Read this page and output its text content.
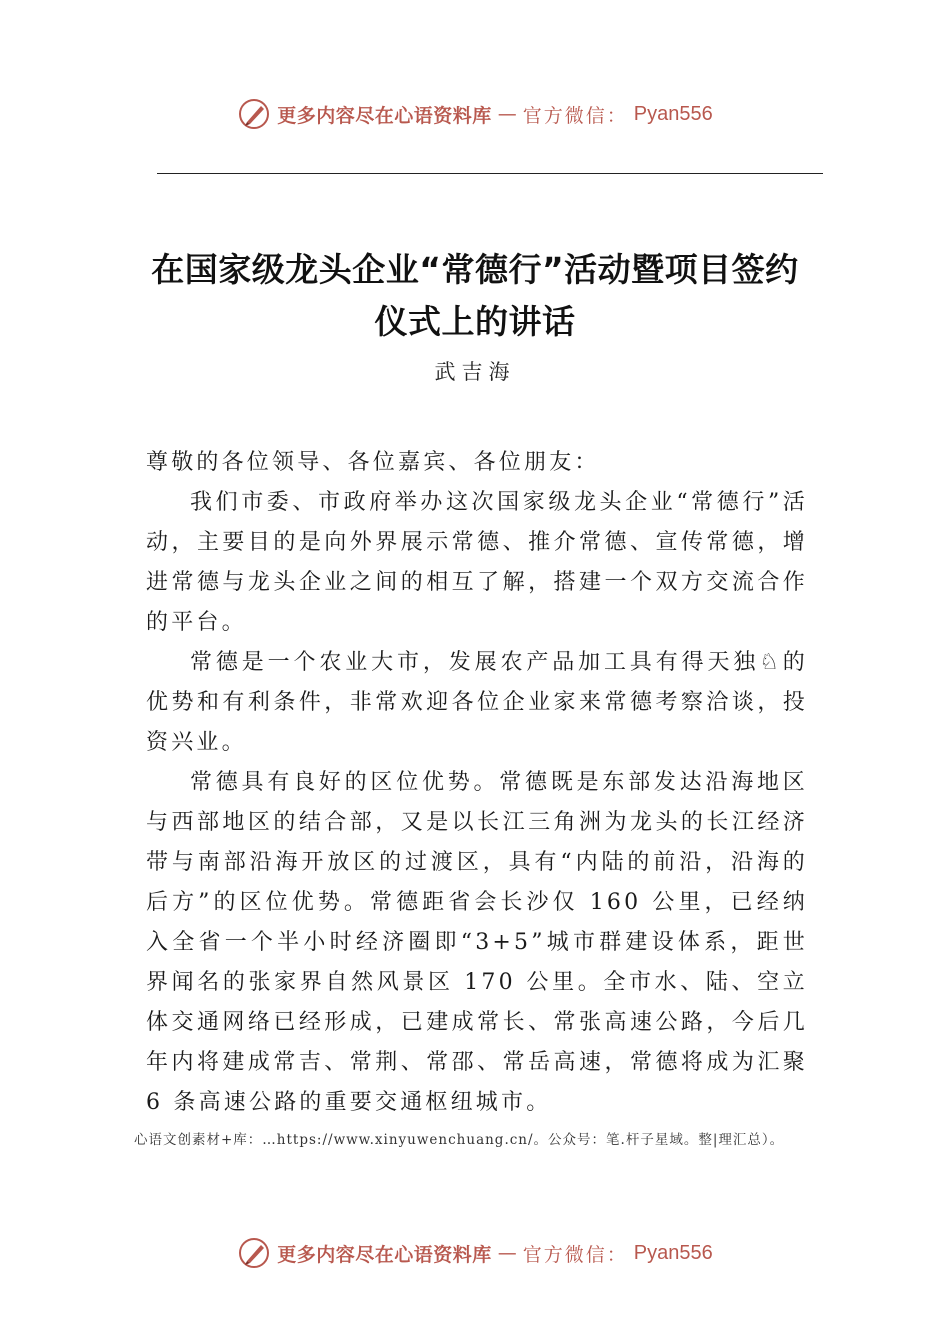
更多内容尽在心语资料库 — 官方微信： Pyan556
在国家级龙头企业“常德行”活动暨项目签约仪式上的讲话
武吉海

尊敬的各位领导、各位嘉宾、各位朋友：

我们市委、市政府举办这次国家级龙头企业“常德行”活动，主要目的是向外界展示常德、推介常德、宣传常德，增进常德与龙头企业之间的相互了解，搭建一个双方交流合作的平台。

常德是一个农业大市，发展农产品加工具有得天独♘的优势和有利条件，非常欢迎各位企业家来常德考察洽谈，投资兴业。

常德具有良好的区位优势。常德既是东部发达沿海地区与西部地区的结合部，又是以长江三角洲为龙头的长江经济带与南部沿海开放区的过渡区，具有“内陆的前沿，沿海的后方”的区位优势。常德距省会长沙仅 160 公里，已经纳入全省一个半小时经济圈即“3+5”城市群建设体系，距世界闻名的张家界自然风景区 170 公里。全市水、陆、空立体交通网络已经形成，已建成常长、常张高速公路，今后几年内将建成常吉、常荆、常邵、常岳高速，常德将成为汇聚 6 条高速公路的重要交通枢纽城市。

心语文创素材+库：…https://www.xinyuwenchuang.cn/。公众号：笔.杆子星域。整|理汇总）。
更多内容尽在心语资料库 — 官方微信： Pyan556
